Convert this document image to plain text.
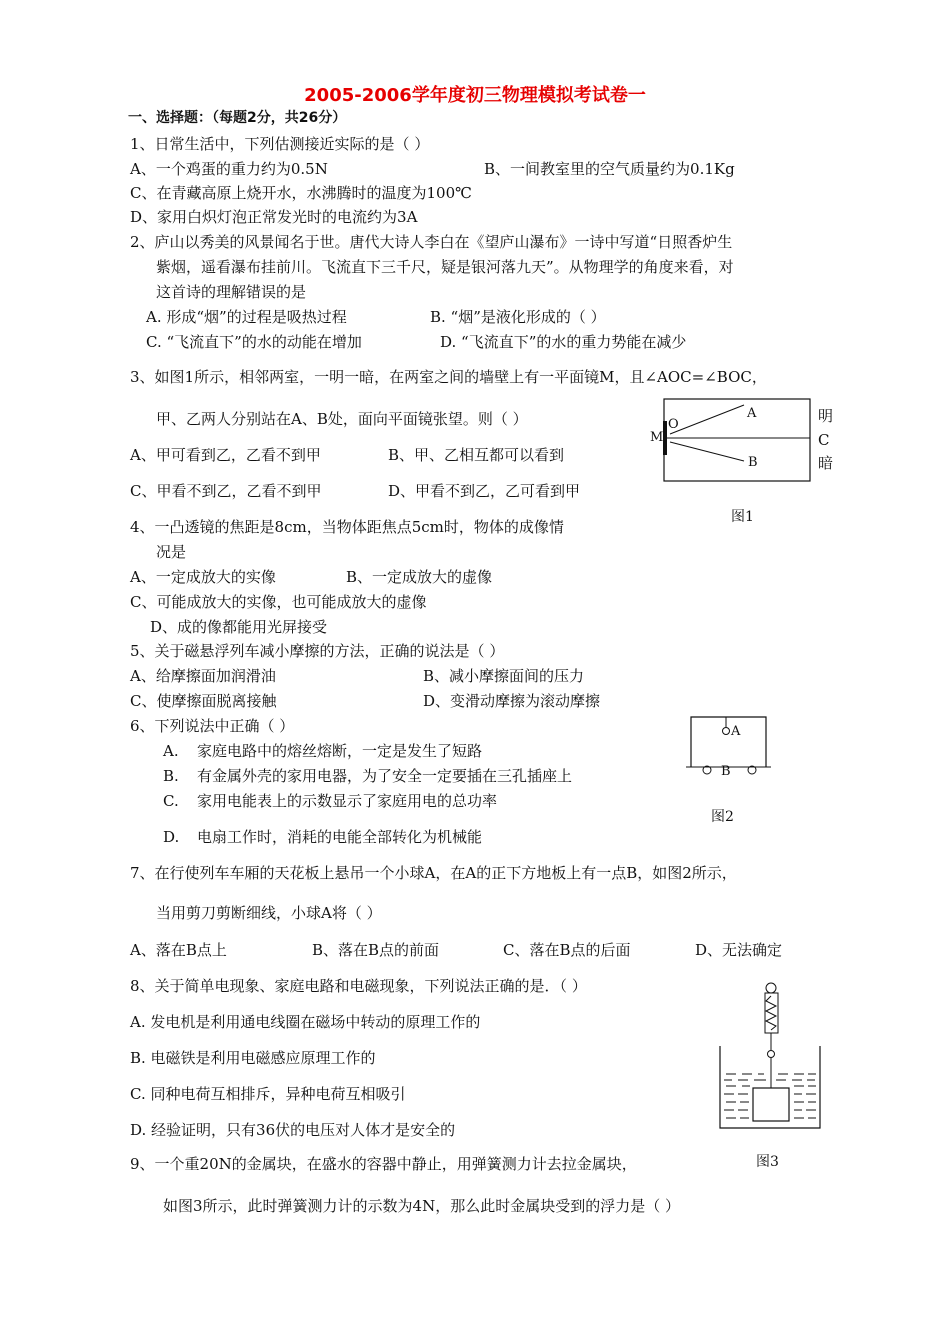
2005-2006学年度初三物理模拟考试卷一
一、选择题：（每题2分，共26分）
1、日常生活中，下列估测接近实际的是（ ）
A、一个鸡蛋的重力约为0.5N	B、一间教室里的空气质量约为0.1Kg
C、在青藏高原上烧开水，水沸腾时的温度为100℃
D、家用白炽灯泡正常发光时的电流约为3A
2、庐山以秀美的风景闻名于世。唐代大诗人李白在《望庐山瀑布》一诗中写道“日照香炉生
紫烟，遥看瀑布挂前川。飞流直下三千尺，疑是银河落九天”。从物理学的角度来看，对
这首诗的理解错误的是
A. 形成“烟”的过程是吸热过程	B. “烟”是液化形成的（ ）
C. “飞流直下”的水的动能在增加	D. “飞流直下”的水的重力势能在减少
3、如图1所示，相邻两室，一明一暗，在两室之间的墙壁上有一平面镜M，且∠AOC=∠BOC，
甲、乙两人分别站在A、B处，面向平面镜张望。则（ ）
A、甲可看到乙，乙看不到甲	B、甲、乙相互都可以看到
C、甲看不到乙，乙看不到甲	D、甲看不到乙，乙可看到甲
M
O
A
B
明
C
暗
图1
4、一凸透镜的焦距是8cm，当物体距焦点5cm时，物体的成像情
况是
A、一定成放大的实像	B、一定成放大的虚像
C、可能成放大的实像，也可能成放大的虚像
D、成的像都能用光屏接受
5、关于磁悬浮列车减小摩擦的方法，正确的说法是（ ）
A、给摩擦面加润滑油	B、减小摩擦面间的压力
C、使摩擦面脱离接触	D、变滑动摩擦为滚动摩擦
6、下列说法中正确（ ）
A. 家庭电路中的熔丝熔断，一定是发生了短路
B. 有金属外壳的家用电器，为了安全一定要插在三孔插座上
C. 家用电能表上的示数显示了家庭用电的总功率
D. 电扇工作时，消耗的电能全部转化为机械能
A
B
图2
7、在行使列车车厢的天花板上悬吊一个小球A，在A的正下方地板上有一点B，如图2所示，
当用剪刀剪断细线，小球A将（ ）
A、落在B点上	B、落在B点的前面	C、落在B点的后面	D、无法确定
8、关于简单电现象、家庭电路和电磁现象，下列说法正确的是．（ ）
A. 发电机是利用通电线圈在磁场中转动的原理工作的
B. 电磁铁是利用电磁感应原理工作的
C. 同种电荷互相排斥，异种电荷互相吸引
D. 经验证明，只有36伏的电压对人体才是安全的
图3
9、一个重20N的金属块，在盛水的容器中静止，用弹簧测力计去拉金属块，
如图3所示，此时弹簧测力计的示数为4N，那么此时金属块受到的浮力是（ ）
